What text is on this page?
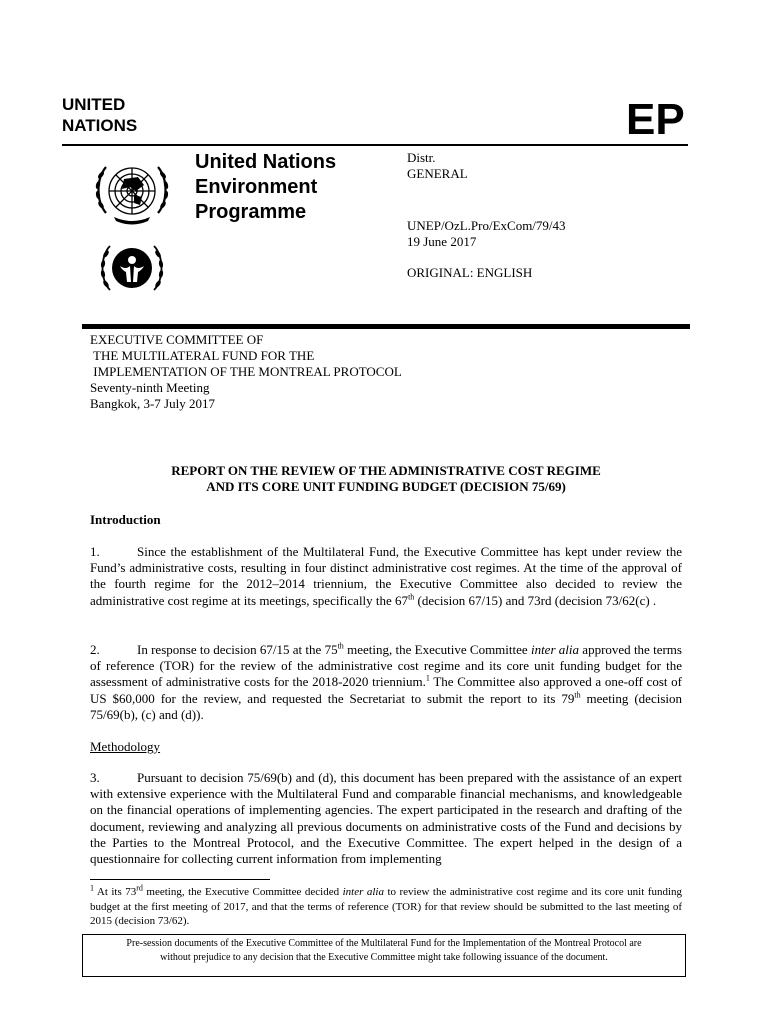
UNITED
NATIONS	EP
United Nations
Environment
Programme
Distr.
GENERAL
UNEP/OzL.Pro/ExCom/79/43
19 June 2017
ORIGINAL: ENGLISH
EXECUTIVE COMMITTEE OF
THE MULTILATERAL FUND FOR THE
IMPLEMENTATION OF THE MONTREAL PROTOCOL
Seventy-ninth Meeting
Bangkok, 3-7 July 2017
REPORT ON THE REVIEW OF THE ADMINISTRATIVE COST REGIME
AND ITS CORE UNIT FUNDING BUDGET (DECISION 75/69)
Introduction
1.	Since the establishment of the Multilateral Fund, the Executive Committee has kept under review the Fund’s administrative costs, resulting in four distinct administrative cost regimes. At the time of the approval of the fourth regime for the 2012–2014 triennium, the Executive Committee also decided to review the administrative cost regime at its meetings, specifically the 67th (decision 67/15) and 73rd (decision 73/62(c) .
2.	In response to decision 67/15 at the 75th meeting, the Executive Committee inter alia approved the terms of reference (TOR) for the review of the administrative cost regime and its core unit funding budget for the assessment of administrative costs for the 2018-2020 triennium.$^1$ The Committee also approved a one-off cost of US $60,000 for the review, and requested the Secretariat to submit the report to its 79th meeting (decision 75/69(b), (c) and (d)).
Methodology
3.	Pursuant to decision 75/69(b) and (d), this document has been prepared with the assistance of an expert with extensive experience with the Multilateral Fund and comparable financial mechanisms, and knowledgeable on the financial operations of implementing agencies. The expert participated in the research and drafting of the document, reviewing and analyzing all previous documents on administrative costs of the Fund and decisions by the Parties to the Montreal Protocol, and the Executive Committee. The expert helped in the design of a questionnaire for collecting current information from implementing
$^1$ At its 73rd meeting, the Executive Committee decided inter alia to review the administrative cost regime and its core unit funding budget at the first meeting of 2017, and that the terms of reference (TOR) for that review should be submitted to the last meeting of 2015 (decision 73/62).
Pre-session documents of the Executive Committee of the Multilateral Fund for the Implementation of the Montreal Protocol are
without prejudice to any decision that the Executive Committee might take following issuance of the document.
